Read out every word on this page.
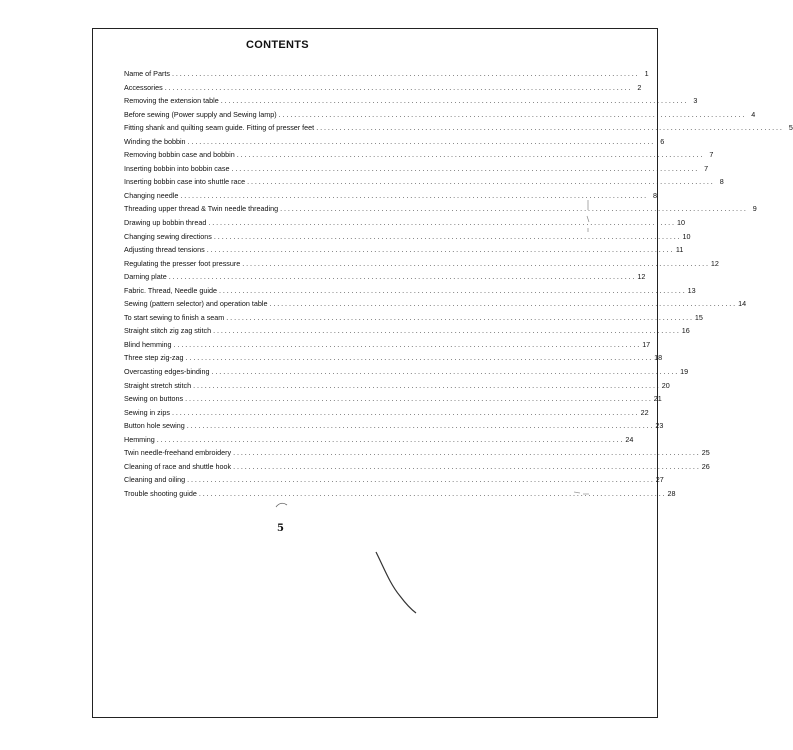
CONTENTS
Name of Parts ........................................................................................................................ 1
Accessories ........................................................................................................................ 2
Removing the extension table ........................................................................................................................ 3
Before sewing (Power supply and Sewing lamp) ........................................................................................................................ 4
Fitting shank and quilting seam guide. Fitting of presser feet ........................................................................................................................ 5
Winding the bobbin ........................................................................................................................ 6
Removing bobbin case and bobbin ........................................................................................................................ 7
Inserting bobbin into bobbin case ........................................................................................................................ 7
Inserting bobbin case into shuttle race ........................................................................................................................ 8
Changing needle ........................................................................................................................ 8
Threading upper thread & Twin needle threading ........................................................................................................................ 9
Drawing up bobbin thread ........................................................................................................................ 10
Changing sewing directions ........................................................................................................................ 10
Adjusting thread tensions ........................................................................................................................ 11
Regulating the presser foot pressure ........................................................................................................................ 12
Darning plate ........................................................................................................................ 12
Fabric. Thread, Needle guide ........................................................................................................................ 13
Sewing (pattern selector) and operation table ........................................................................................................................ 14
To start sewing to finish a seam ........................................................................................................................ 15
Straight stitch zig zag stitch ........................................................................................................................ 16
Blind hemming ........................................................................................................................ 17
Three step zig-zag ........................................................................................................................ 18
Overcasting edges-binding ........................................................................................................................ 19
Straight stretch stitch ........................................................................................................................ 20
Sewing on buttons ........................................................................................................................ 21
Sewing in zips ........................................................................................................................ 22
Button hole sewing ........................................................................................................................ 23
Hemming ........................................................................................................................ 24
Twin needle-freehand embroidery ........................................................................................................................ 25
Cleaning of race and shuttle hook ........................................................................................................................ 26
Cleaning and oiling ........................................................................................................................ 27
Trouble shooting guide ........................................................................................................................ 28
5
